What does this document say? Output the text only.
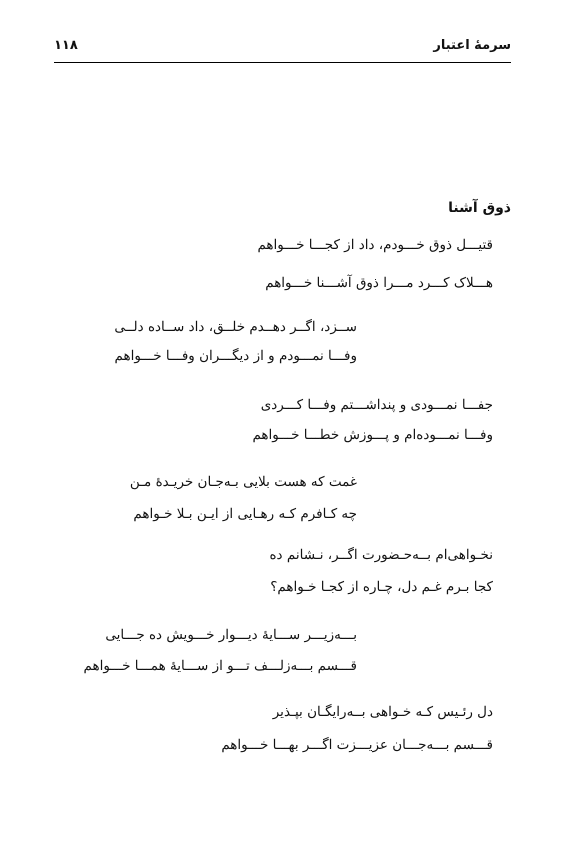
سرمهٔ اعتبار
۱۱۸
ذوق آشنا
قتیـــل ذوق خـــودم، داد از کجـــا خـــواهم
هـــلاک کـــرد مـــرا ذوق آشـــنا خـــواهم
ســزد، اگــر دهــدم خلــق، داد ســاده دلــی
وفـــا نمـــودم و از دیگـــران وفـــا خـــواهم
جفـــا نمـــودی و پنداشـــتم وفـــا کـــردی
وفـــا نمـــوده‌ام و پـــوزش خطـــا خـــواهم
غمت که هست بلایی بـه‌جـان خریـدهٔ مـن
چه کـافرم کـه رهـایی از ایـن بـلا خـواهم
نخـواهی‌ام بــه‌حـضورت اگــر، نـشانم ده
کجا بـرم غـم دل، چـاره از کجـا خـواهم؟
بـــه‌زیـــر ســـایهٔ دیـــوار خـــویش ده جـــایی
قـــسم بـــه‌زلـــف تـــو از ســـایهٔ همـــا خـــواهم
دل رئـیس کـه خـواهی بــه‌رایگـان بپـذیر
قـــسم بـــه‌جـــان عزیـــزت اگـــر بهـــا خـــواهم
